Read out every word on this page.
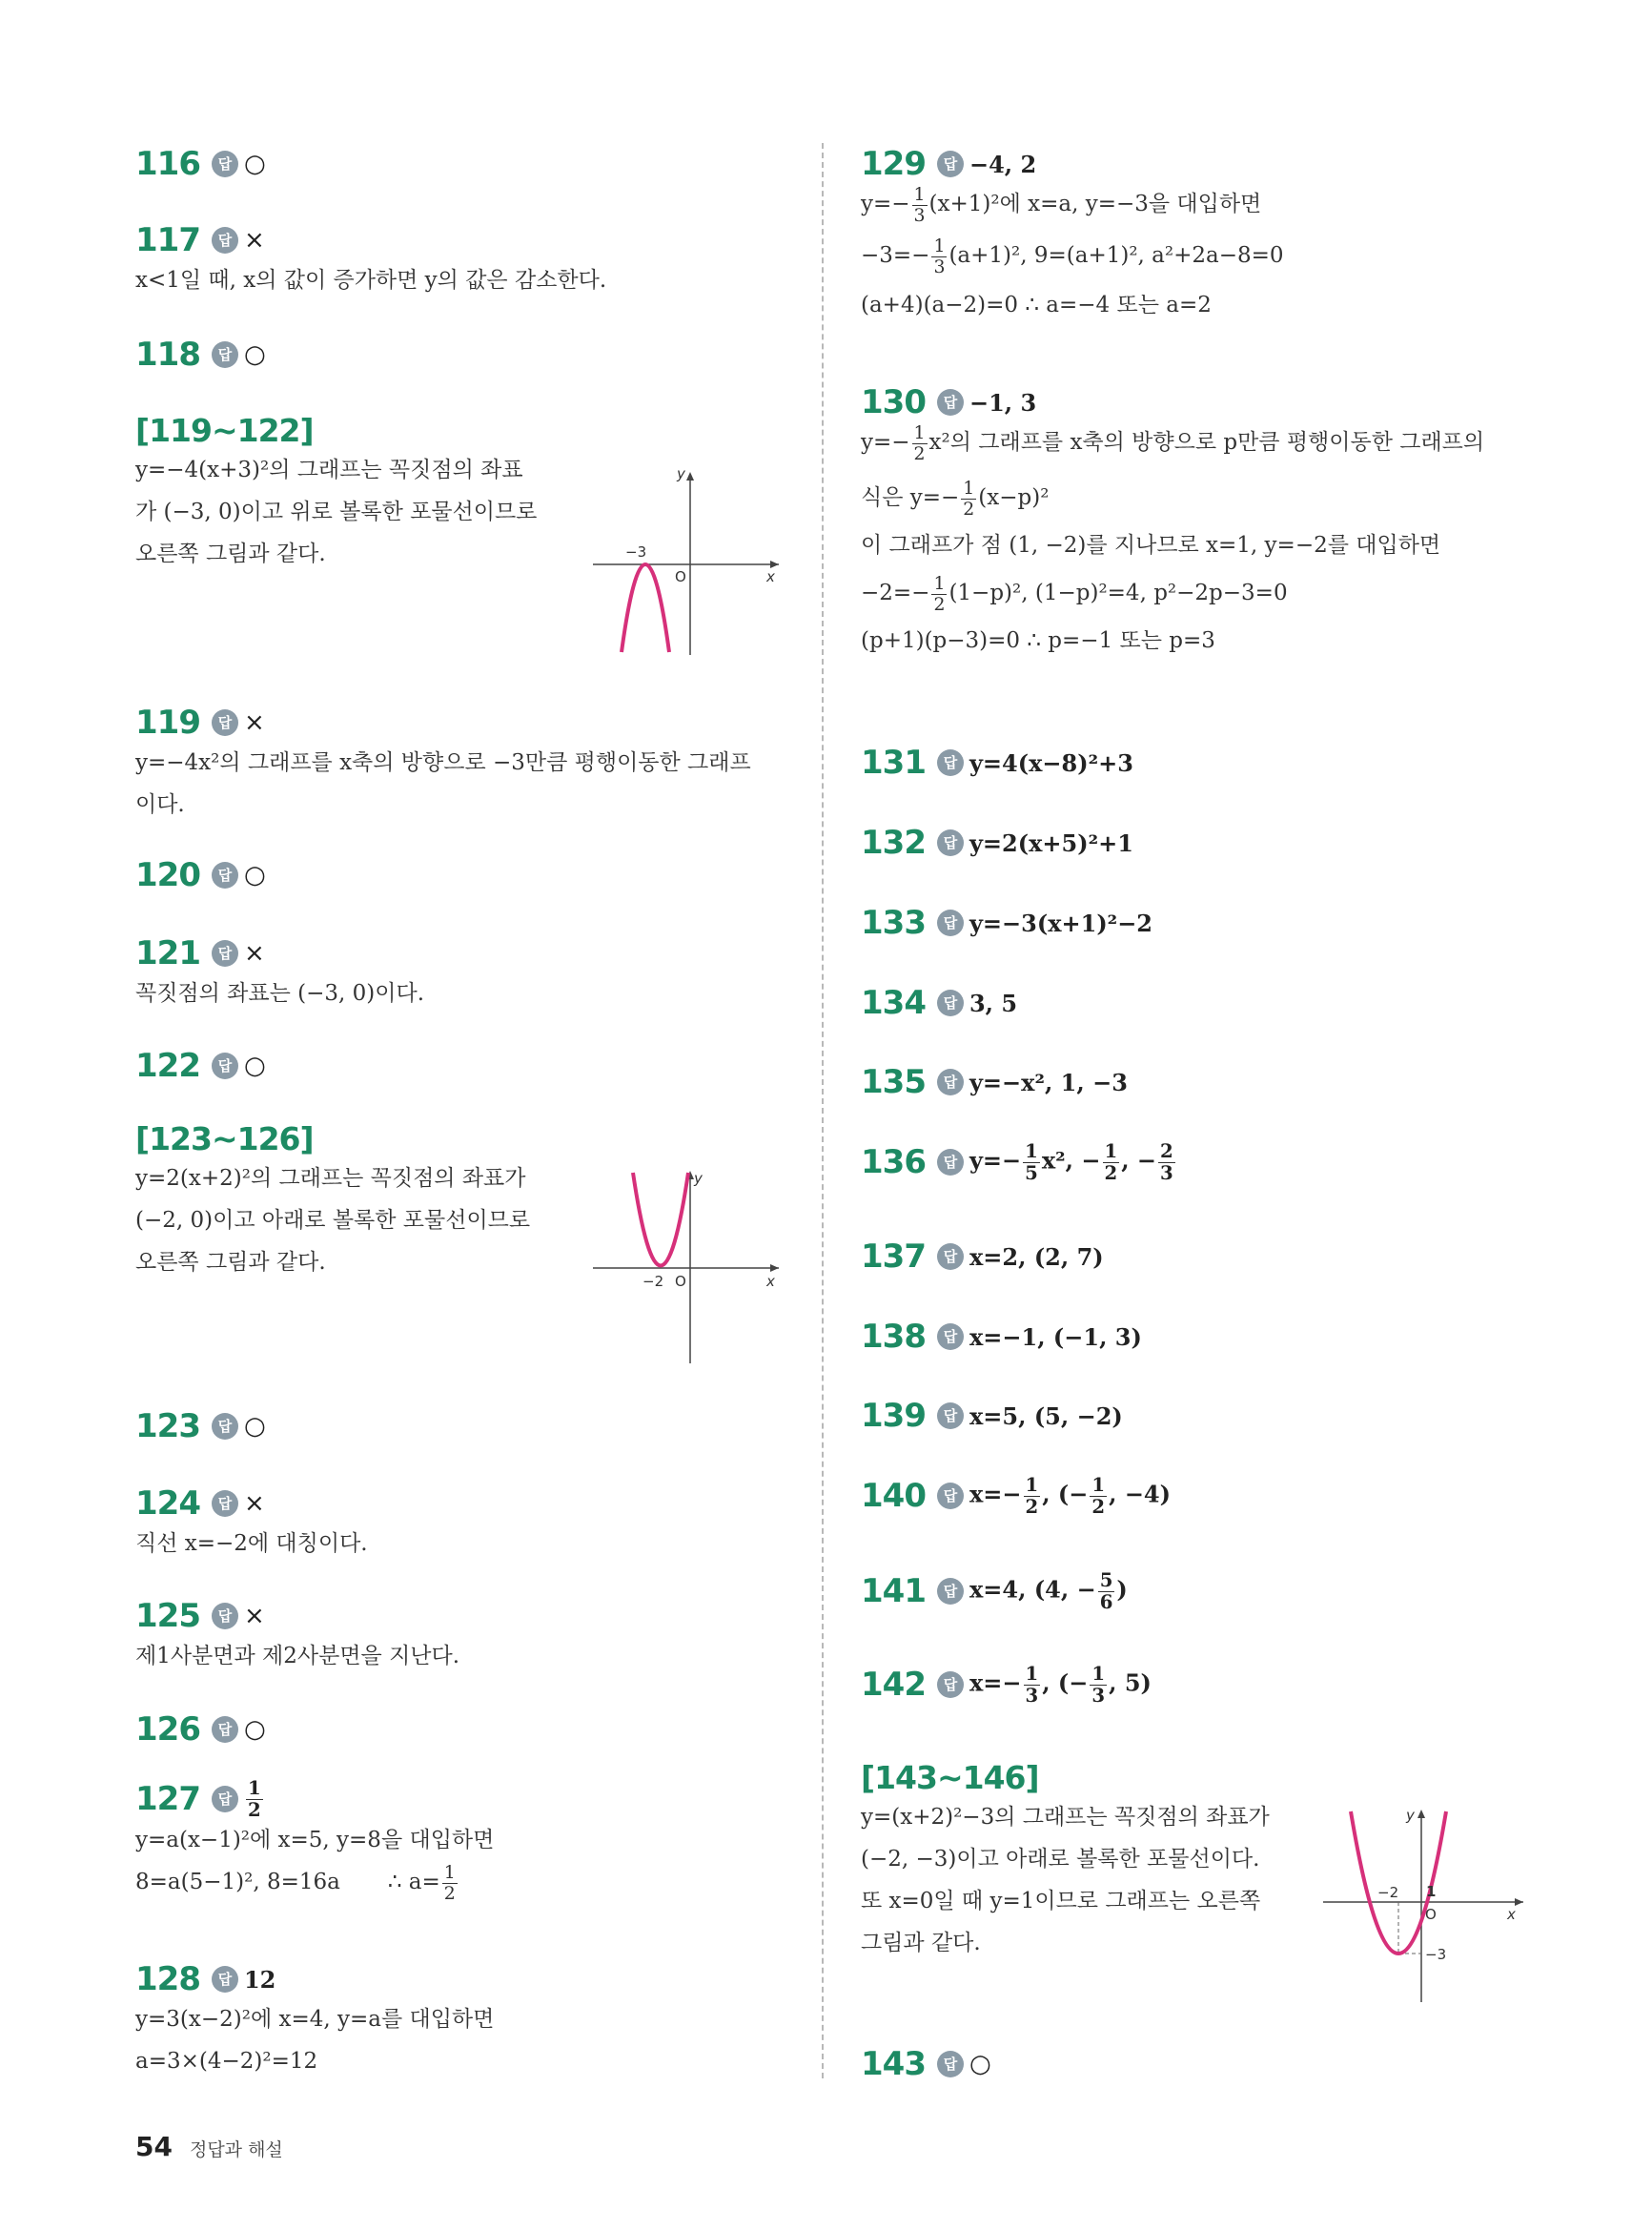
116 답 ○
117 답 ×
x<1일 때, x의 값이 증가하면 y의 값은 감소한다.
118 답 ○
[119~122]
y=−4(x+3)²의 그래프는 꼭짓점의 좌표
가 (−3, 0)이고 위로 볼록한 포물선이므로
오른쪽 그림과 같다.
x
y
O
−3
119 답 ×
y=−4x²의 그래프를 x축의 방향으로 −3만큼 평행이동한 그래프
이다.
120 답 ○
121 답 ×
꼭짓점의 좌표는 (−3, 0)이다.
122 답 ○
[123~126]
y=2(x+2)²의 그래프는 꼭짓점의 좌표가
(−2, 0)이고 아래로 볼록한 포물선이므로
오른쪽 그림과 같다.
x
y
O
−2
123 답 ○
124 답 ×
직선 x=−2에 대칭이다.
125 답 ×
제1사분면과 제2사분면을 지난다.
126 답 ○
127 답 $\frac{1}{2}$
y=a(x−1)²에 x=5, y=8을 대입하면
8=a(5−1)², 8=16a ∴ $a= \frac{1}{2}$
128 답 12
y=3(x−2)²에 x=4, y=a를 대입하면
a=3×(4−2)²=12
129 답 −4, 2
$y=- \frac{1}{3} (x+1)^2$에 x=a, y=−3을 대입하면
$-3=- \frac{1}{3} (a+1)^2$, 9=(a+1)², a²+2a−8=0
(a+4)(a−2)=0 ∴ a=−4 또는 a=2
130 답 −1, 3
$y=- \frac{1}{2} x^2$의 그래프를 x축의 방향으로 p만큼 평행이동한 그래프의
식은 $y=- \frac{1}{2} (x-p)^2$
이 그래프가 점 (1, −2)를 지나므로 x=1, y=−2를 대입하면
$-2=- \frac{1}{2} (1-p)^2$, (1−p)²=4, p²−2p−3=0
(p+1)(p−3)=0 ∴ p=−1 또는 p=3
131 답 y=4(x−8)²+3
132 답 y=2(x+5)²+1
133 답 y=−3(x+1)²−2
134 답 3, 5
135 답 y=−x², 1, −3
136 답 $y=- \frac{1}{5} x^2$, − $\frac{1}{2}$ , − $\frac{2}{3}$
137 답 x=2, (2, 7)
138 답 x=−1, (−1, 3)
139 답 x=5, (5, −2)
140 답 $x=- \frac{1}{2}$ , (− $\frac{1}{2}$ , −4)
141 답 x=4, (4, − $\frac{5}{6}$ )
142 답 $x=- \frac{1}{3}$ , (− $\frac{1}{3}$ , 5)
[143~146]
y=(x+2)²−3의 그래프는 꼭짓점의 좌표가
(−2, −3)이고 아래로 볼록한 포물선이다.
또 x=0일 때 y=1이므로 그래프는 오른쪽
그림과 같다.
x
y
O
−2 1
−3
143 답 ○
54 정답과 해설
